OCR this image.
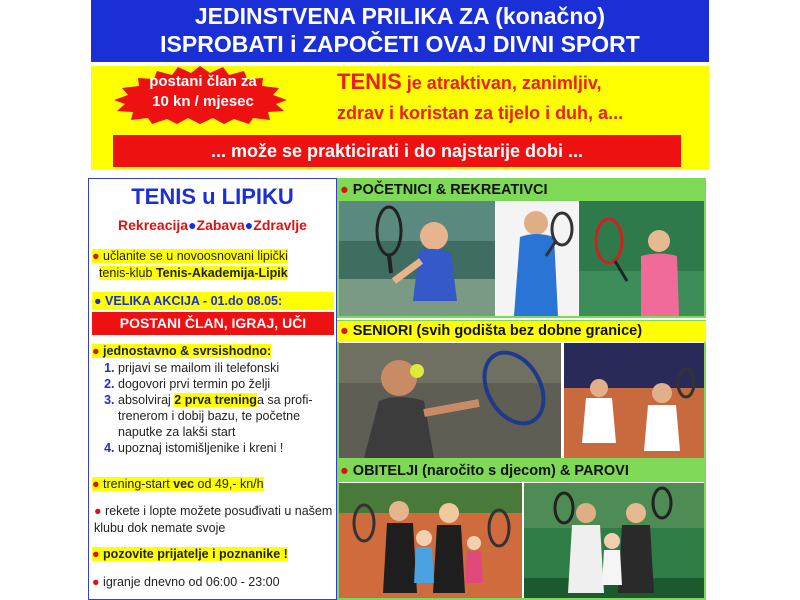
JEDINSTVENA PRILIKA ZA (konačno)
ISPROBATI i ZAPOČETI OVAJ DIVNI SPORT
postani član za
10 kn / mjesec
TENIS je atraktivan, zanimljiv,
zdrav i koristan za tijelo i duh, a...
... može se prakticirati i do najstarije dobi ...
TENIS u LIPIKU
Rekreacija●Zabava●Zdravlje
● učlanite se u novoosnovani lipički
tenis-klub Tenis-Akademija-Lipik
● VELIKA AKCIJA - 01.do 08.05:
POSTANI ČLAN, IGRAJ, UČI
● jednostavno & svrsishodno:
1. prijavi se mailom ili telefonski
2. dogovori prvi termin po želji
3. absolviraj 2 prva treninga sa profi-trenerom i dobij bazu, te početne naputke za lakši start
4. upoznaj istomišljenike i kreni !
● trening-start vec od 49,- kn/h
● rekete i lopte možete posuđivati u našem klubu dok nemate svoje
● pozovite prijatelje i poznanike !
● igranje dnevno od 06:00 - 23:00
● POČETNICI & REKREATIVCI
● SENIORI (svih godišta bez dobne granice)
● OBITELJI (naročito s djecom) & PAROVI
